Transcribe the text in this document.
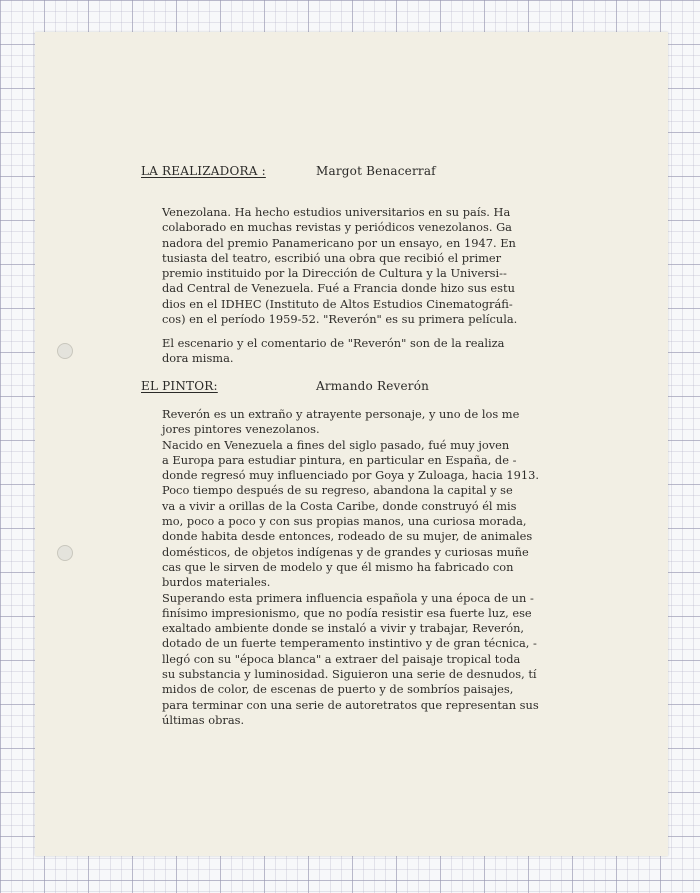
LA REALIZADORA :	Margot Benacerraf
Venezolana. Ha hecho estudios universitarios en su país. Ha
colaborado en muchas revistas y periódicos venezolanos. Ga
nadora del premio Panamericano por un ensayo, en 1947. En
tusiasta del teatro, escribió una obra que recibió el primer
premio instituido por la Dirección de Cultura y la Universi--
dad Central de Venezuela. Fué a Francia donde hizo sus estu
dios en el IDHEC (Instituto de Altos Estudios Cinematográfi-
cos) en el período 1959-52. "Reverón" es su primera película.
El escenario y el comentario de "Reverón" son de la realiza
dora misma.
EL PINTOR:	Armando Reverón
Reverón es un extraño y atrayente personaje, y uno de los me
jores pintores venezolanos.
Nacido en Venezuela a fines del siglo pasado, fué muy joven
a Europa para estudiar pintura, en particular en España, de -
donde regresó muy influenciado por Goya y Zuloaga, hacia 1913.
Poco tiempo después de su regreso, abandona la capital y se
va a vivir a orillas de la Costa Caribe, donde construyó él mis
mo, poco a poco y con sus propias manos, una curiosa morada,
donde habita desde entonces, rodeado de su mujer, de animales
domésticos, de objetos indígenas y de grandes y curiosas muñe
cas que le sirven de modelo y que él mismo ha fabricado con
burdos materiales.
Superando esta primera influencia española y una época de un -
finísimo impresionismo, que no podía resistir esa fuerte luz, ese
exaltado ambiente donde se instaló a vivir y trabajar, Reverón,
dotado de un fuerte temperamento instintivo y de gran técnica, -
llegó con su "época blanca" a extraer del paisaje tropical toda
su substancia y luminosidad. Siguieron una serie de desnudos, tí
midos de color, de escenas de puerto y de sombríos paisajes,
para terminar con una serie de autoretratos que representan sus
últimas obras.
